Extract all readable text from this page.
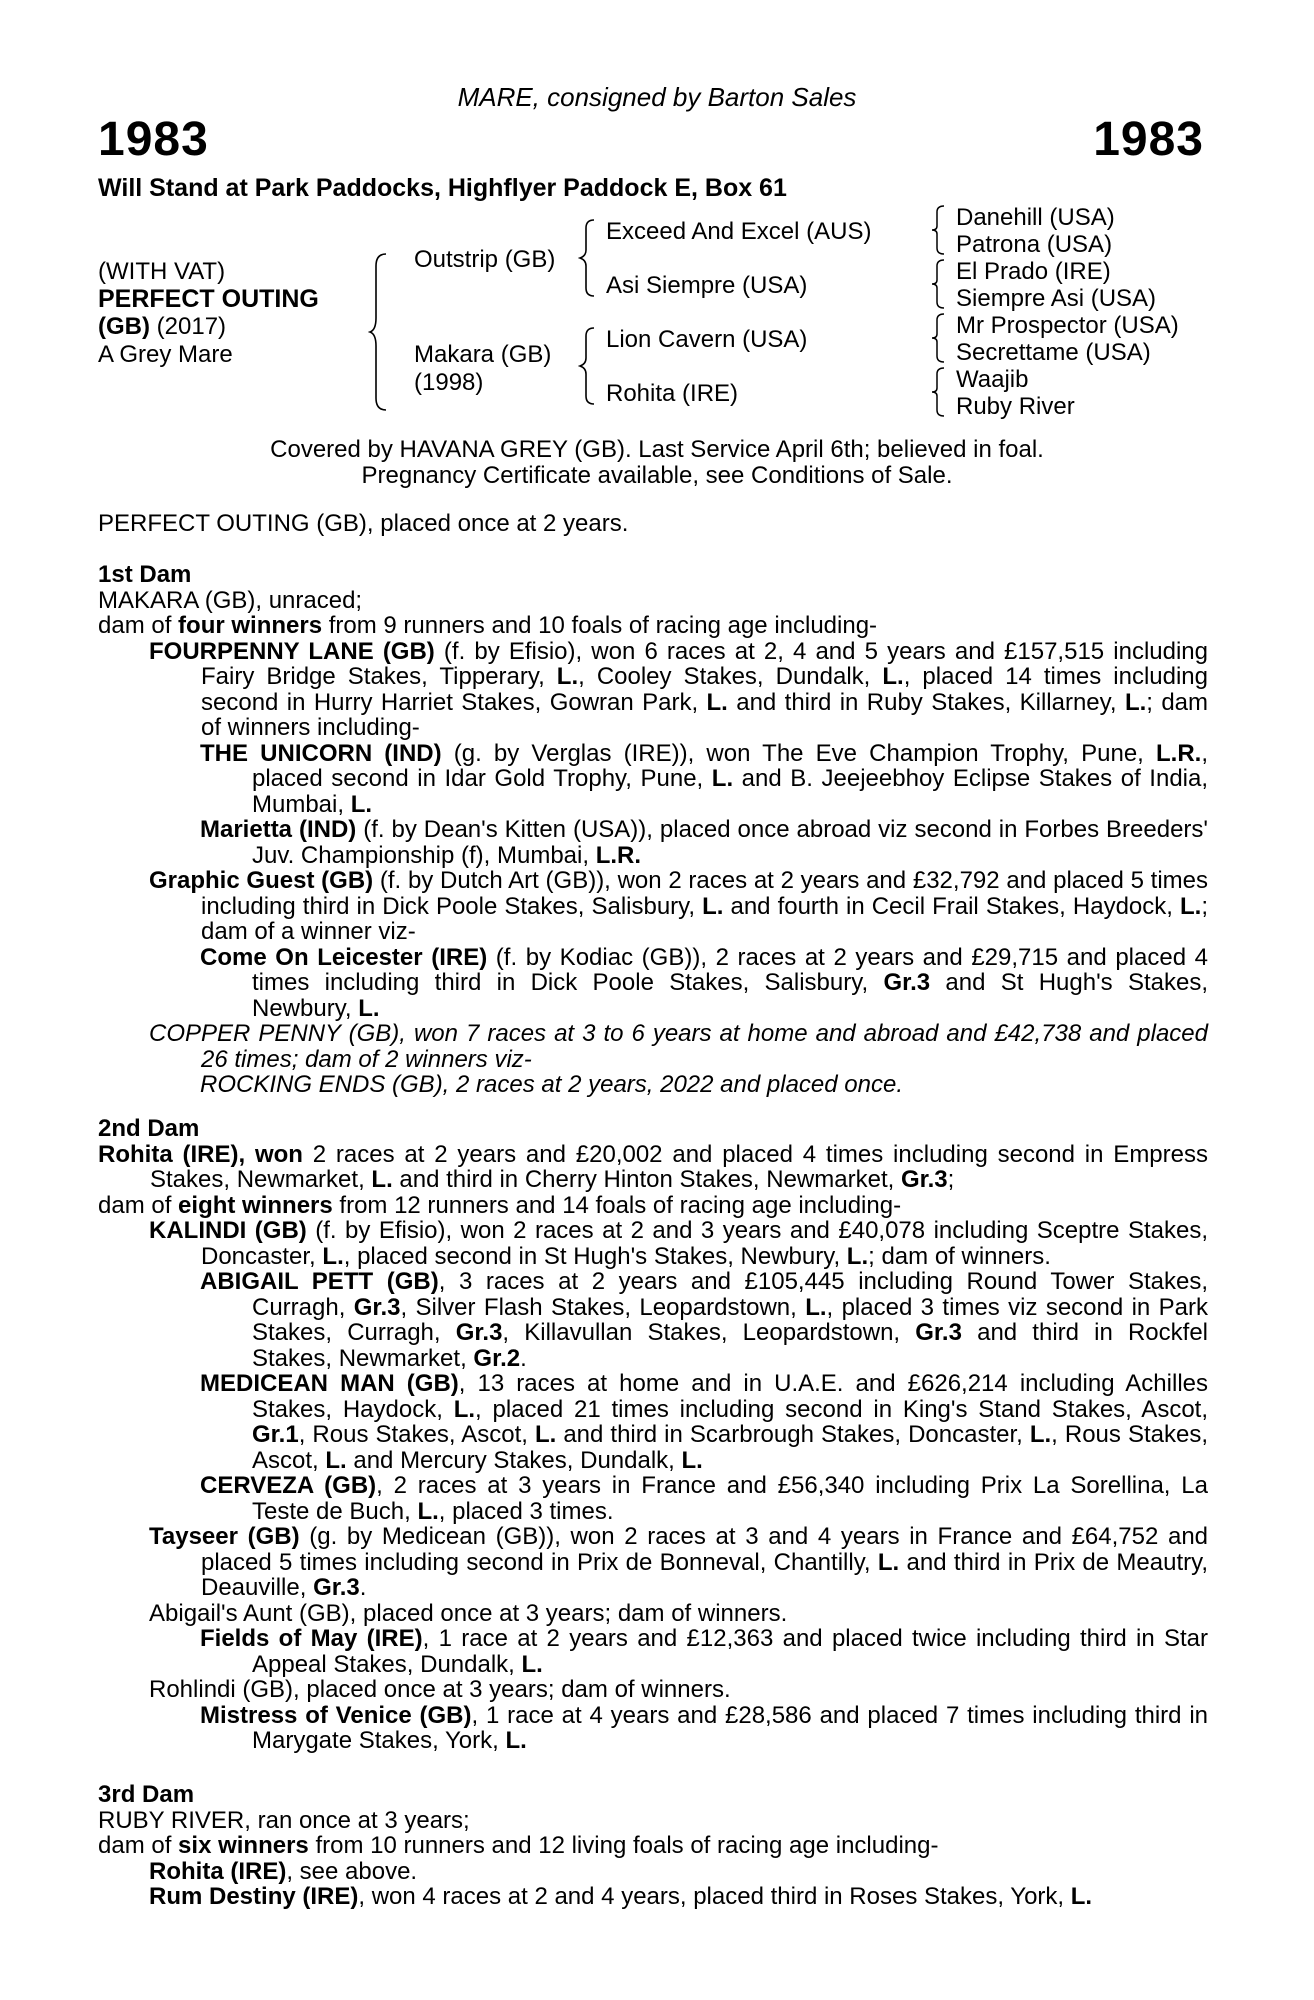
MARE, consigned by Barton Sales
1983	1983
Will Stand at Park Paddocks, Highflyer Paddock E, Box 61
(WITH VAT)
PERFECT OUTING
(GB) (2017)
A Grey Mare
Outstrip (GB)
Makara (GB)
(1998)
Exceed And Excel (AUS)
Asi Siempre (USA)
Lion Cavern (USA)
Rohita (IRE)
Danehill (USA)
Patrona (USA)
El Prado (IRE)
Siempre Asi (USA)
Mr Prospector (USA)
Secrettame (USA)
Waajib
Ruby River
Covered by HAVANA GREY (GB). Last Service April 6th; believed in foal.
Pregnancy Certificate available, see Conditions of Sale.

PERFECT OUTING (GB), placed once at 2 years.

1st Dam

MAKARA (GB), unraced;

dam of four winners from 9 runners and 10 foals of racing age including-

FOURPENNY LANE (GB) (f. by Efisio), won 6 races at 2, 4 and 5 years and £157,515 including Fairy Bridge Stakes, Tipperary, L., Cooley Stakes, Dundalk, L., placed 14 times including second in Hurry Harriet Stakes, Gowran Park, L. and third in Ruby Stakes, Killarney, L.; dam of winners including-

THE UNICORN (IND) (g. by Verglas (IRE)), won The Eve Champion Trophy, Pune, L.R., placed second in Idar Gold Trophy, Pune, L. and B. Jeejeebhoy Eclipse Stakes of India, Mumbai, L.

Marietta (IND) (f. by Dean's Kitten (USA)), placed once abroad viz second in Forbes Breeders' Juv. Championship (f), Mumbai, L.R.

Graphic Guest (GB) (f. by Dutch Art (GB)), won 2 races at 2 years and £32,792 and placed 5 times including third in Dick Poole Stakes, Salisbury, L. and fourth in Cecil Frail Stakes, Haydock, L.; dam of a winner viz-

Come On Leicester (IRE) (f. by Kodiac (GB)), 2 races at 2 years and £29,715 and placed 4 times including third in Dick Poole Stakes, Salisbury, Gr.3 and St Hugh's Stakes, Newbury, L.

COPPER PENNY (GB), won 7 races at 3 to 6 years at home and abroad and £42,738 and placed 26 times; dam of 2 winners viz-

ROCKING ENDS (GB), 2 races at 2 years, 2022 and placed once.

2nd Dam

Rohita (IRE), won 2 races at 2 years and £20,002 and placed 4 times including second in Empress Stakes, Newmarket, L. and third in Cherry Hinton Stakes, Newmarket, Gr.3;

dam of eight winners from 12 runners and 14 foals of racing age including-

KALINDI (GB) (f. by Efisio), won 2 races at 2 and 3 years and £40,078 including Sceptre Stakes, Doncaster, L., placed second in St Hugh's Stakes, Newbury, L.; dam of winners.

ABIGAIL PETT (GB), 3 races at 2 years and £105,445 including Round Tower Stakes, Curragh, Gr.3, Silver Flash Stakes, Leopardstown, L., placed 3 times viz second in Park Stakes, Curragh, Gr.3, Killavullan Stakes, Leopardstown, Gr.3 and third in Rockfel Stakes, Newmarket, Gr.2.

MEDICEAN MAN (GB), 13 races at home and in U.A.E. and £626,214 including Achilles Stakes, Haydock, L., placed 21 times including second in King's Stand Stakes, Ascot, Gr.1, Rous Stakes, Ascot, L. and third in Scarbrough Stakes, Doncaster, L., Rous Stakes, Ascot, L. and Mercury Stakes, Dundalk, L.

CERVEZA (GB), 2 races at 3 years in France and £56,340 including Prix La Sorellina, La Teste de Buch, L., placed 3 times.

Tayseer (GB) (g. by Medicean (GB)), won 2 races at 3 and 4 years in France and £64,752 and placed 5 times including second in Prix de Bonneval, Chantilly, L. and third in Prix de Meautry, Deauville, Gr.3.

Abigail's Aunt (GB), placed once at 3 years; dam of winners.

Fields of May (IRE), 1 race at 2 years and £12,363 and placed twice including third in Star Appeal Stakes, Dundalk, L.

Rohlindi (GB), placed once at 3 years; dam of winners.

Mistress of Venice (GB), 1 race at 4 years and £28,586 and placed 7 times including third in Marygate Stakes, York, L.

3rd Dam

RUBY RIVER, ran once at 3 years;

dam of six winners from 10 runners and 12 living foals of racing age including-

Rohita (IRE), see above.

Rum Destiny (IRE), won 4 races at 2 and 4 years, placed third in Roses Stakes, York, L.
